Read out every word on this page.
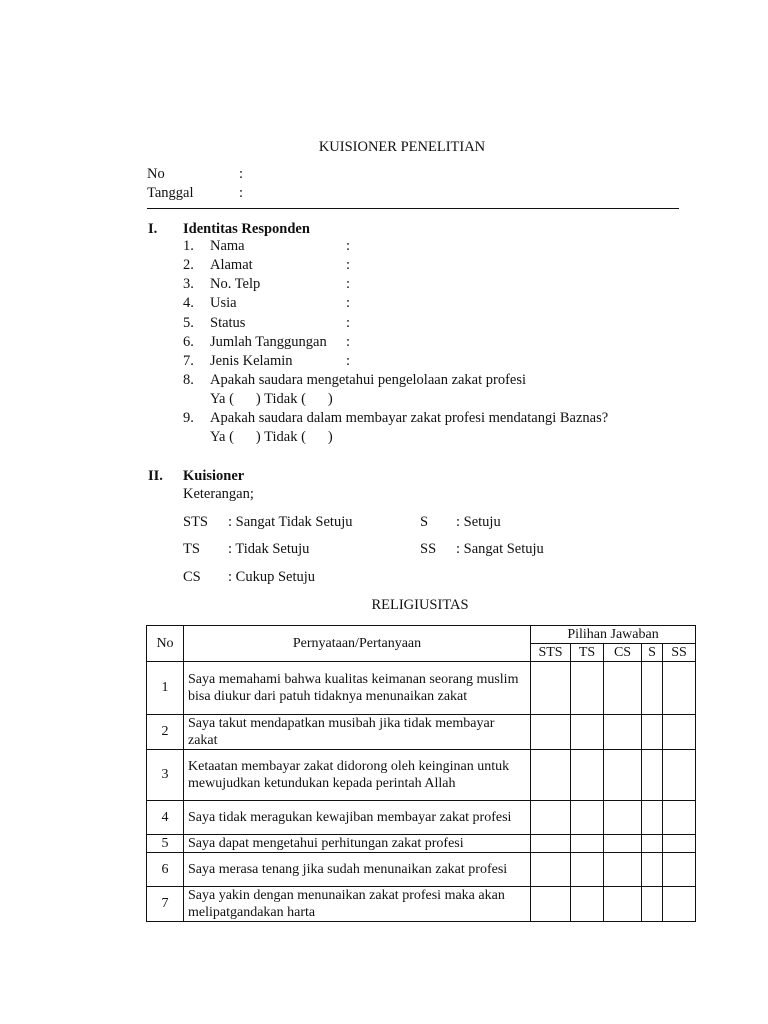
KUISIONER PENELITIAN
No	:
Tanggal	:
I. Identitas Responden
1. Nama	:
2. Alamat	:
3. No. Telp	:
4. Usia	:
5. Status	:
6. Jumlah Tanggungan :
7. Jenis Kelamin	:
8. Apakah saudara mengetahui pengelolaan zakat profesi
Ya ( ) Tidak ( )
9. Apakah saudara dalam membayar zakat profesi mendatangi Baznas?
Ya ( ) Tidak ( )
II. Kuisioner
Keterangan;
STS : Sangat Tidak Setuju	S : Setuju
TS : Tidak Setuju	SS : Sangat Setuju
CS : Cukup Setuju
RELIGIUSITAS
No	Pernyataan/Pertanyaan	Pilihan Jawaban				
		STS	TS	CS	S	SS
1	Saya memahami bahwa kualitas keimanan seorang muslim bisa diukur dari patuh tidaknya menunaikan zakat					
2	Saya takut mendapatkan musibah jika tidak membayar zakat					
3	Ketaatan membayar zakat didorong oleh keinginan untuk mewujudkan ketundukan kepada perintah Allah					
4	Saya tidak meragukan kewajiban membayar zakat profesi					
5	Saya dapat mengetahui perhitungan zakat profesi					
6	Saya merasa tenang jika sudah menunaikan zakat profesi					
7	Saya yakin dengan menunaikan zakat profesi maka akan melipatgandakan harta					
